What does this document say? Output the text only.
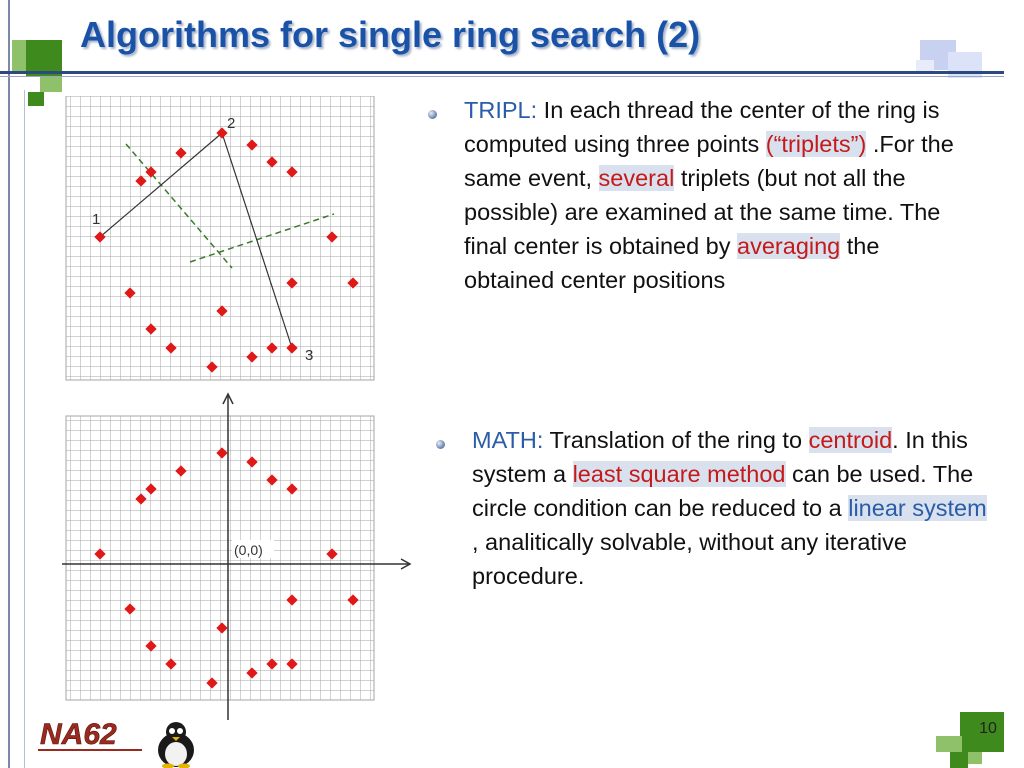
Algorithms for single ring search (2)
1
2
3
(0,0)
TRIPL: In each thread the center of the ring is computed using three points (“triplets”) .For the same event, several triplets (but not all the possible) are examined at the same time. The final center is obtained by averaging the obtained center positions
MATH: Translation of the ring to centroid. In this system a least square method can be used. The circle condition can be reduced to a linear system , analitically solvable, without any iterative procedure.
NA62	10
